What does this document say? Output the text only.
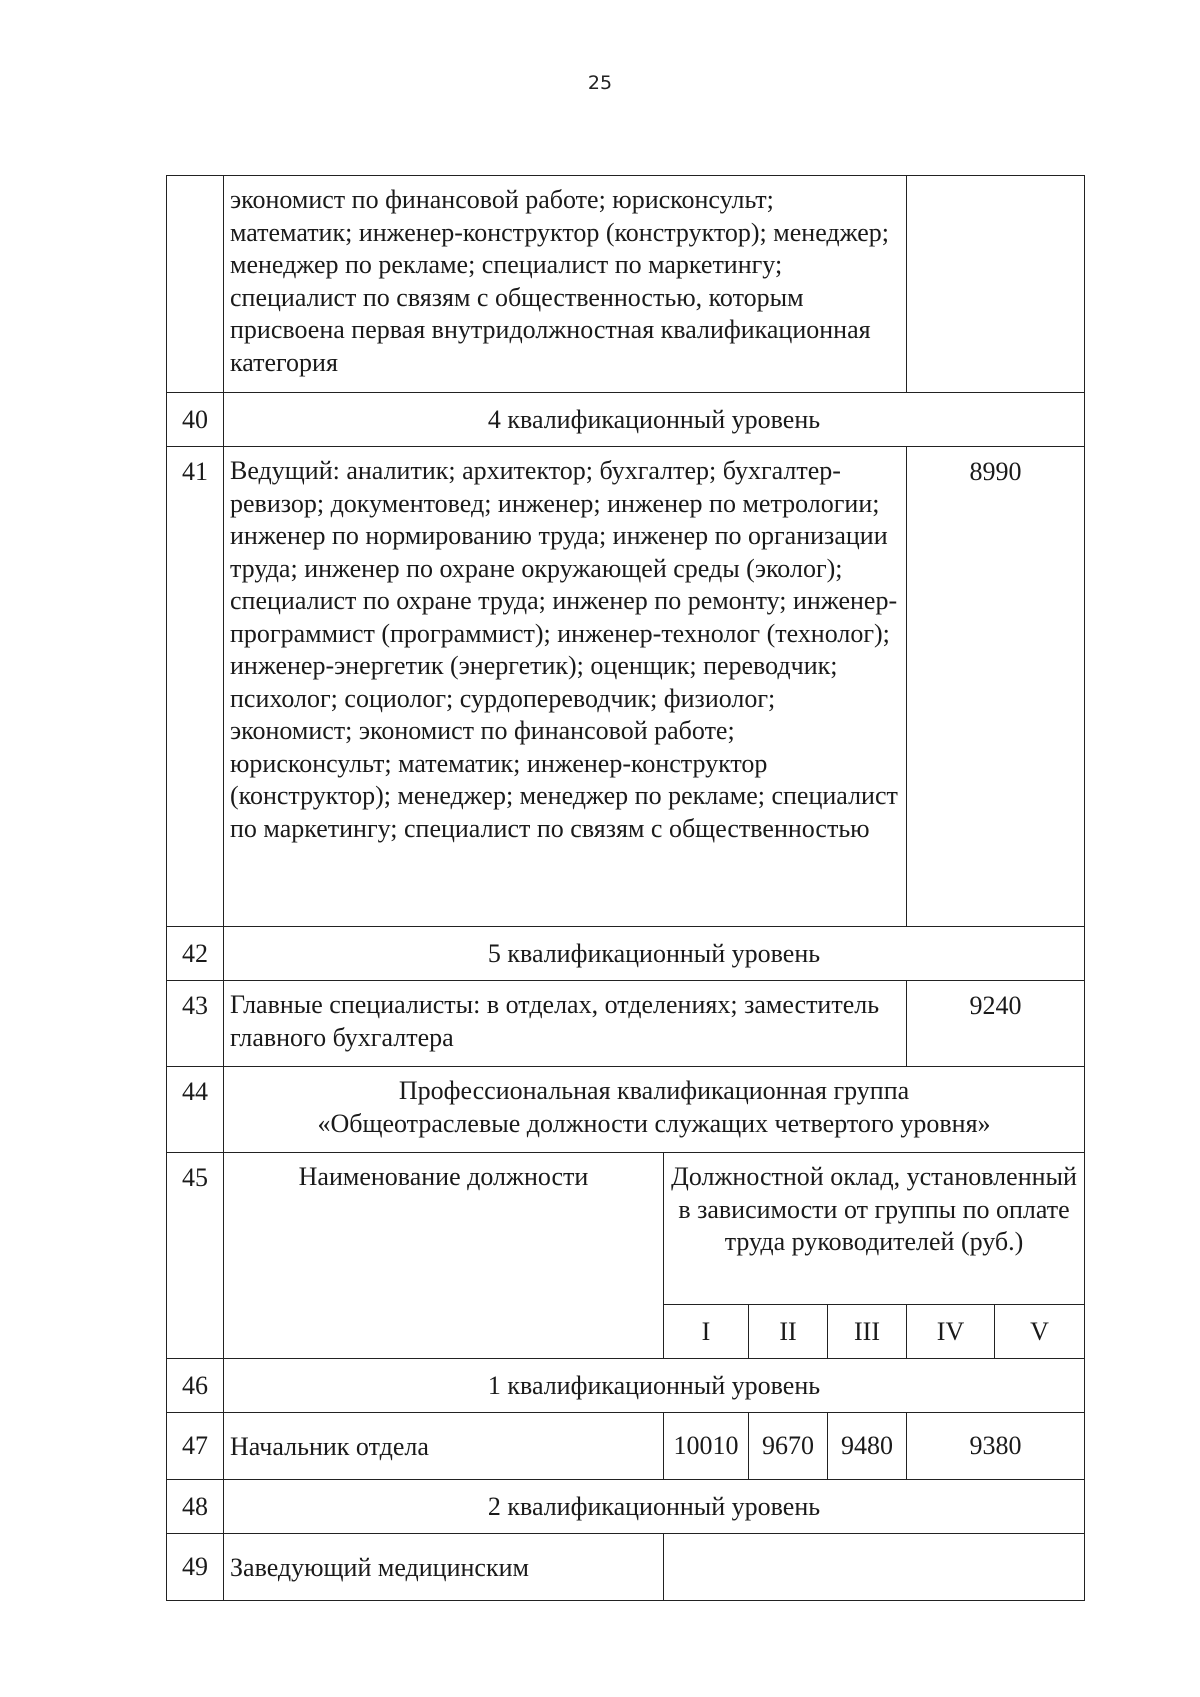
25
	экономист по финансовой работе; юрисконсульт; математик; инженер-конструктор (конструктор); менеджер; менеджер по рекламе; специалист по маркетингу; специалист по связям с общественностью, которым присвоена первая внутридолжностная квалификационная категория					
40	4 квалификационный уровень					
41	Ведущий: аналитик; архитектор; бухгалтер; бухгалтер-ревизор; документовед; инженер; инженер по метрологии; инженер по нормированию труда; инженер по организации труда; инженер по охране окружающей среды (эколог); специалист по охране труда; инженер по ремонту; инженер-программист (программист); инженер-технолог (технолог); инженер-энергетик (энергетик); оценщик; переводчик; психолог; социолог; сурдопереводчик; физиолог; экономист; экономист по финансовой работе; юрисконсульт; математик; инженер-конструктор (конструктор); менеджер; менеджер по рекламе; специалист по маркетингу; специалист по связям с общественностью				8990	
42	5 квалификационный уровень					
43	Главные специалисты: в отделах, отделениях; заместитель главного бухгалтера				9240	
44	Профессиональная квалификационная группа
«Общеотраслевые должности служащих четвертого уровня»					

45	Наименование должности	Должностной оклад, установленный в зависимости от группы по оплате труда руководителей (руб.)				
		I	II	III	IV	V
46	1 квалификационный уровень					
47	Начальник отдела	10010	9670	9480	9380	
48	2 квалификационный уровень					
49	Заведующий медицинским					
